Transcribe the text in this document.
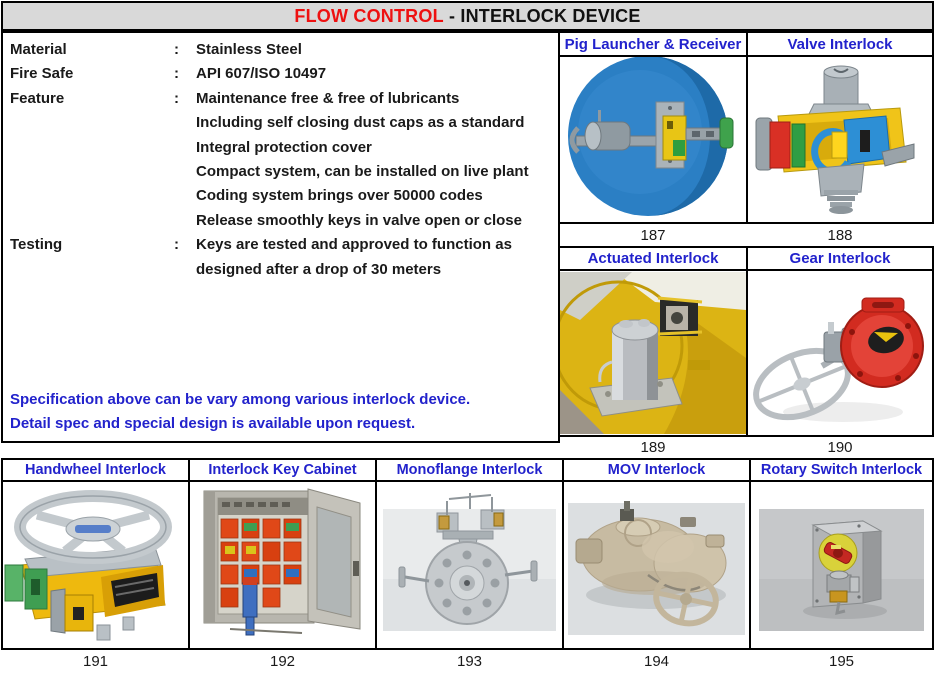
FLOW CONTROL - INTERLOCK DEVICE
Material	:	Stainless Steel
Fire Safe	:	API 607/ISO 10497
Feature	:	Maintenance free & free of lubricants
Including self closing dust caps as a standard
Integral protection cover
Compact system, can be installed on live plant
Coding system brings over 50000 codes
Release smoothly keys in valve open or close
Testing	:	Keys are tested and approved to function as
designed after a drop of 30 meters
Specification above can be vary among various interlock device.
Detail spec and special design is available upon request.
Pig Launcher & Receiver
187
Valve Interlock
188
Actuated Interlock
189
Gear Interlock
190
Handwheel Interlock
191
Interlock Key Cabinet
192
Monoflange Interlock
193
MOV Interlock
194
Rotary Switch Interlock
195
